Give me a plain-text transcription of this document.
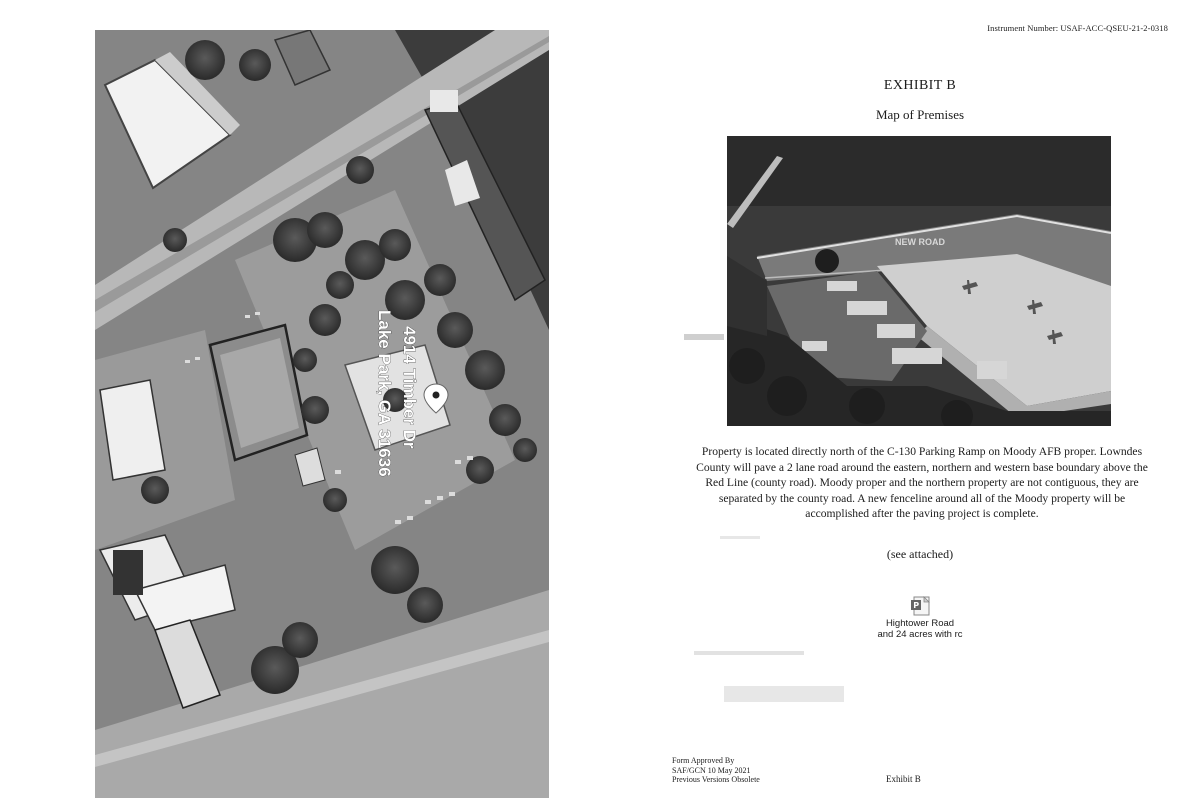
4914 Timber Dr
Lake Park, GA 31636
Instrument Number: USAF-ACC-QSEU-21-2-0318
EXHIBIT B
Map of Premises
NEW ROAD
Property is located directly north of the C-130 Parking Ramp on Moody AFB proper. Lowndes
County will pave a 2 lane road around the eastern, northern and western base boundary above the
Red Line (county road). Moody proper and the northern property are not contiguous, they are
separated by the county road. A new fenceline around all of the Moody property will be
accomplished after the paving project is complete.
(see attached)
P
Hightower Road
and 24 acres with rc
Form Approved By
SAF/GCN 10 May 2021
Previous Versions Obsolete	Exhibit B
